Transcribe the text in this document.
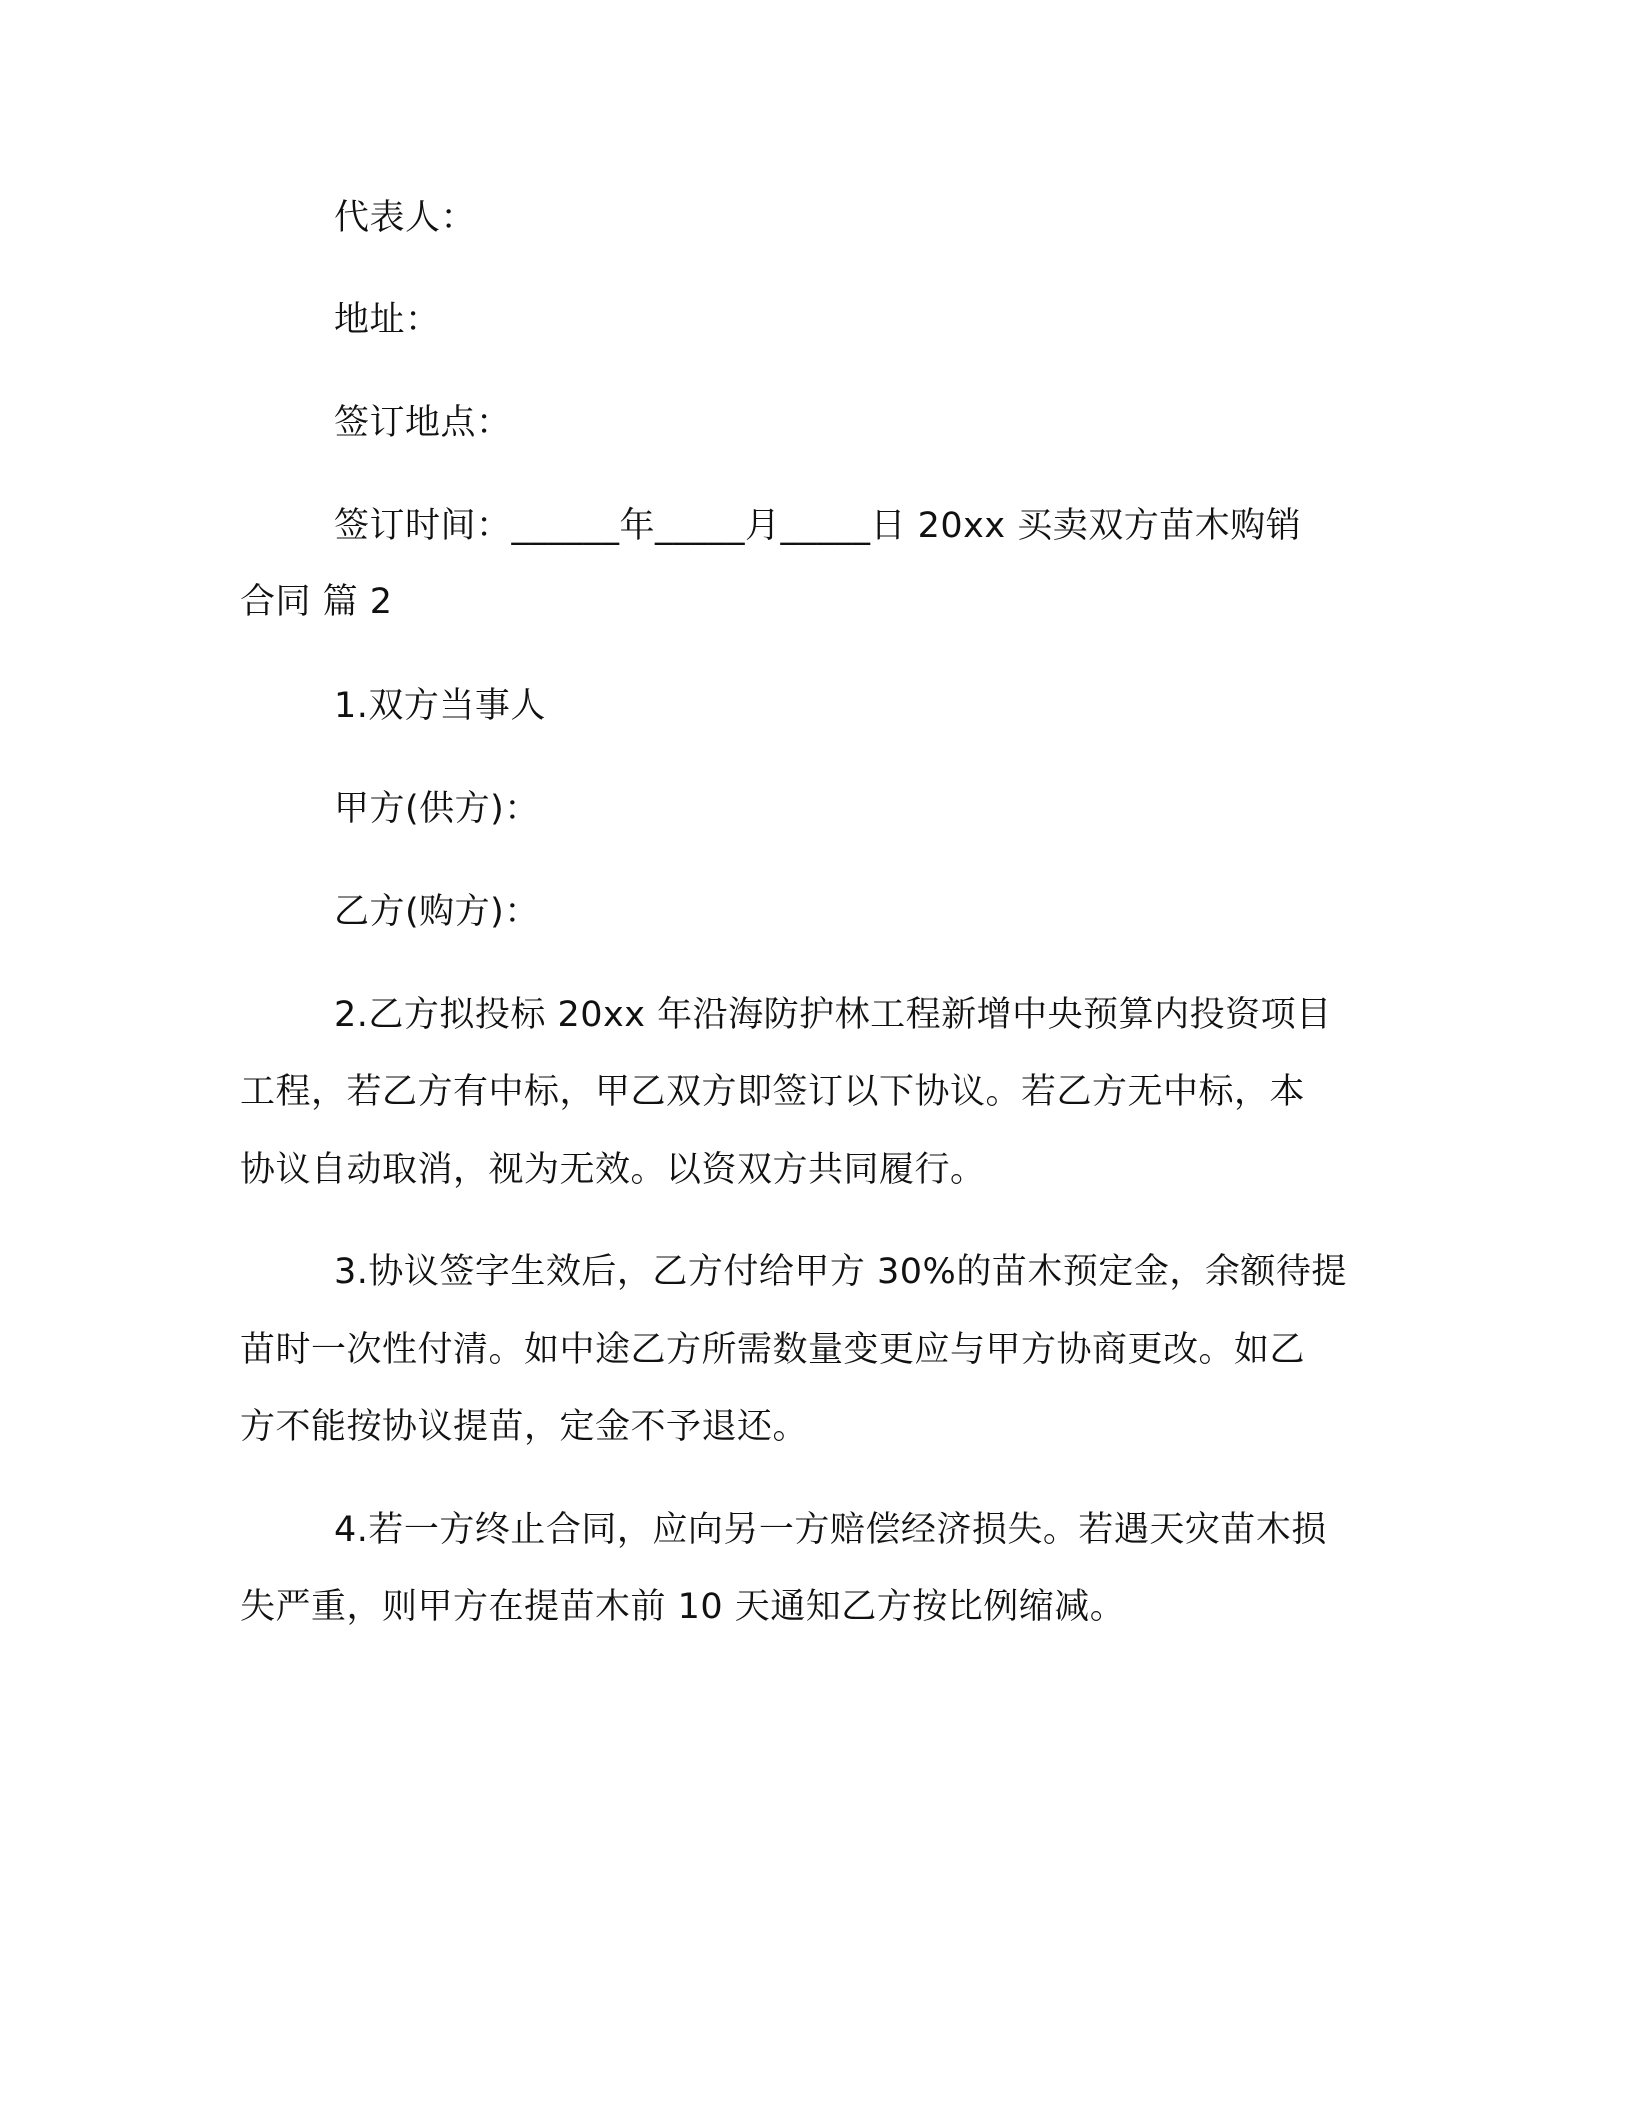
代表人：
地址：
签订地点：
签订时间：______年_____月_____日 20xx 买卖双方苗木购销
合同 篇 2
1.双方当事人
甲方(供方)：
乙方(购方)：
2.乙方拟投标 20xx 年沿海防护林工程新增中央预算内投资项目
工程，若乙方有中标，甲乙双方即签订以下协议。若乙方无中标，本
协议自动取消，视为无效。以资双方共同履行。
3.协议签字生效后，乙方付给甲方 30%的苗木预定金，余额待提
苗时一次性付清。如中途乙方所需数量变更应与甲方协商更改。如乙
方不能按协议提苗，定金不予退还。
4.若一方终止合同，应向另一方赔偿经济损失。若遇天灾苗木损
失严重，则甲方在提苗木前 10 天通知乙方按比例缩减。
